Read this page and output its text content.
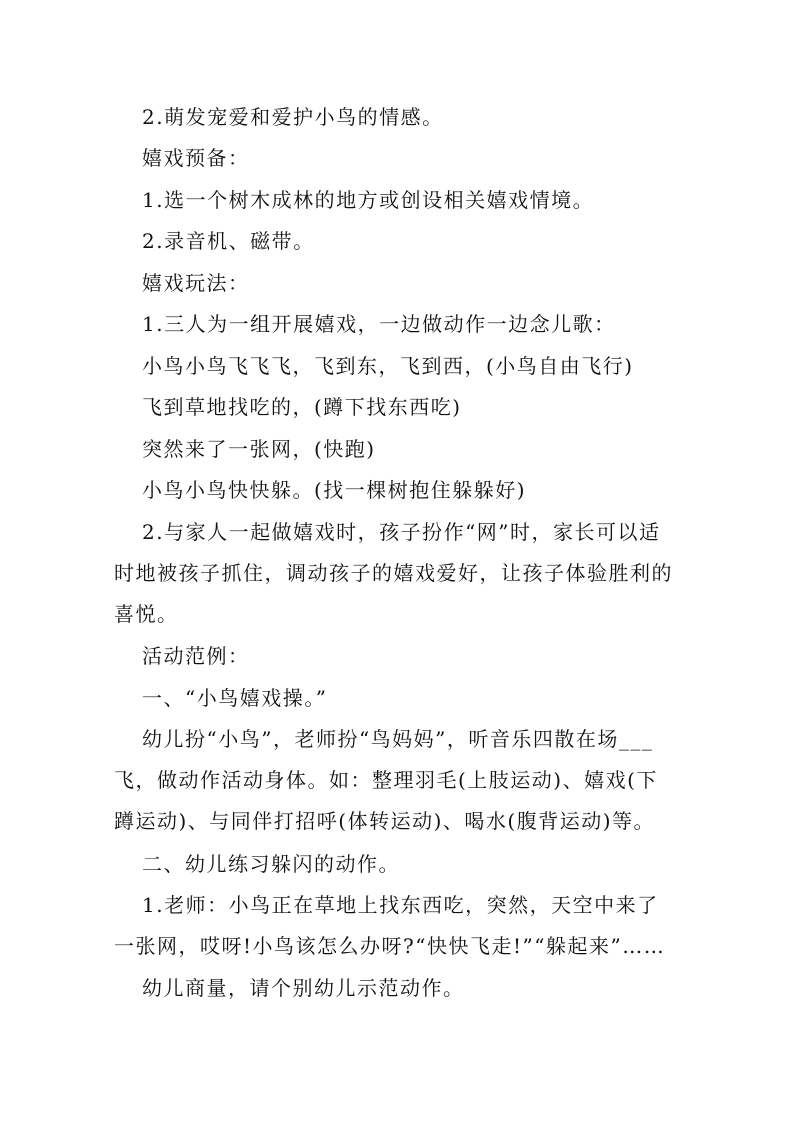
2.萌发宠爱和爱护小鸟的情感。

嬉戏预备：

1.选一个树木成林的地方或创设相关嬉戏情境。

2.录音机、磁带。

嬉戏玩法：

1.三人为一组开展嬉戏，一边做动作一边念儿歌：

小鸟小鸟飞飞飞，飞到东，飞到西，(小鸟自由飞行)

飞到草地找吃的，(蹲下找东西吃)

突然来了一张网，(快跑)

小鸟小鸟快快躲。(找一棵树抱住躲躲好)

2.与家人一起做嬉戏时，孩子扮作“网”时，家长可以适时地被孩子抓住，调动孩子的嬉戏爱好，让孩子体验胜利的喜悦。

活动范例：

一、“小鸟嬉戏操。”

幼儿扮“小鸟”，老师扮“鸟妈妈”，听音乐四散在场___飞，做动作活动身体。如：整理羽毛(上肢运动)、嬉戏(下蹲运动)、与同伴打招呼(体转运动)、喝水(腹背运动)等。

二、幼儿练习躲闪的动作。

1.老师：小鸟正在草地上找东西吃，突然，天空中来了一张网，哎呀!小鸟该怎么办呀?“快快飞走!”“躲起来”……

幼儿商量，请个别幼儿示范动作。
